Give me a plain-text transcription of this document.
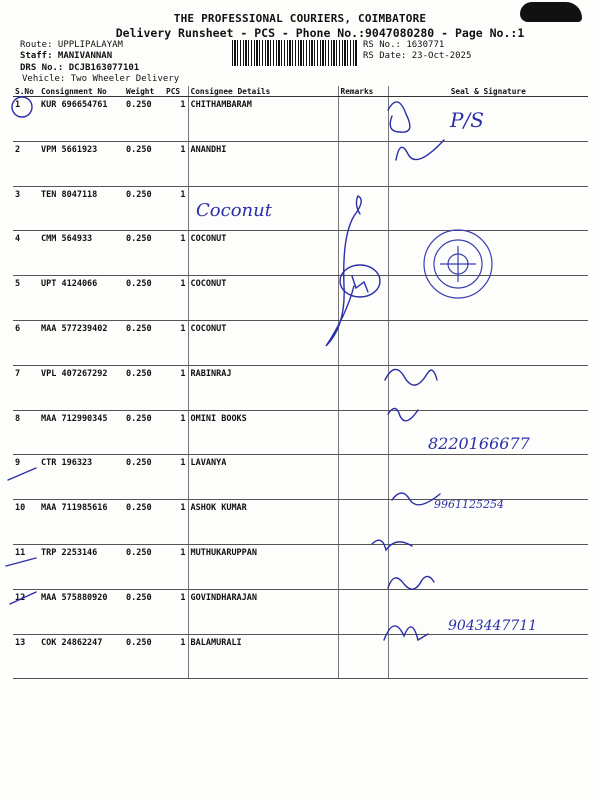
THE PROFESSIONAL COURIERS, COIMBATORE
Delivery Runsheet - PCS - Phone No.:9047080280 - Page No.:1
Route: UPPLIPALAYAM
Staff: MANIVANNAN
DRS No.: DCJB163077101
Vehicle: Two Wheeler Delivery
RS No.: 1630771
RS Date: 23-Oct-2025
S.No	Consignment No	Weight	PCS	Consignee Details	Remarks	Seal & Signature
1	KUR 696654761	0.250	1	CHITHAMBARAM		
2	VPM 5661923	0.250	1	ANANDHI		
3	TEN 8047118	0.250	1			
4	CMM 564933	0.250	1	COCONUT		
5	UPT 4124066	0.250	1	COCONUT		
6	MAA 577239402	0.250	1	COCONUT		
7	VPL 407267292	0.250	1	RABINRAJ		
8	MAA 712990345	0.250	1	OMINI BOOKS		
9	CTR 196323	0.250	1	LAVANYA		
10	MAA 711985616	0.250	1	ASHOK KUMAR		
11	TRP 2253146	0.250	1	MUTHUKARUPPAN		
12	MAA 575880920	0.250	1	GOVINDHARAJAN		
13	COK 24862247	0.250	1	BALAMURALI		
P/S
Coconut
8220166677
9961125254
9043447711
